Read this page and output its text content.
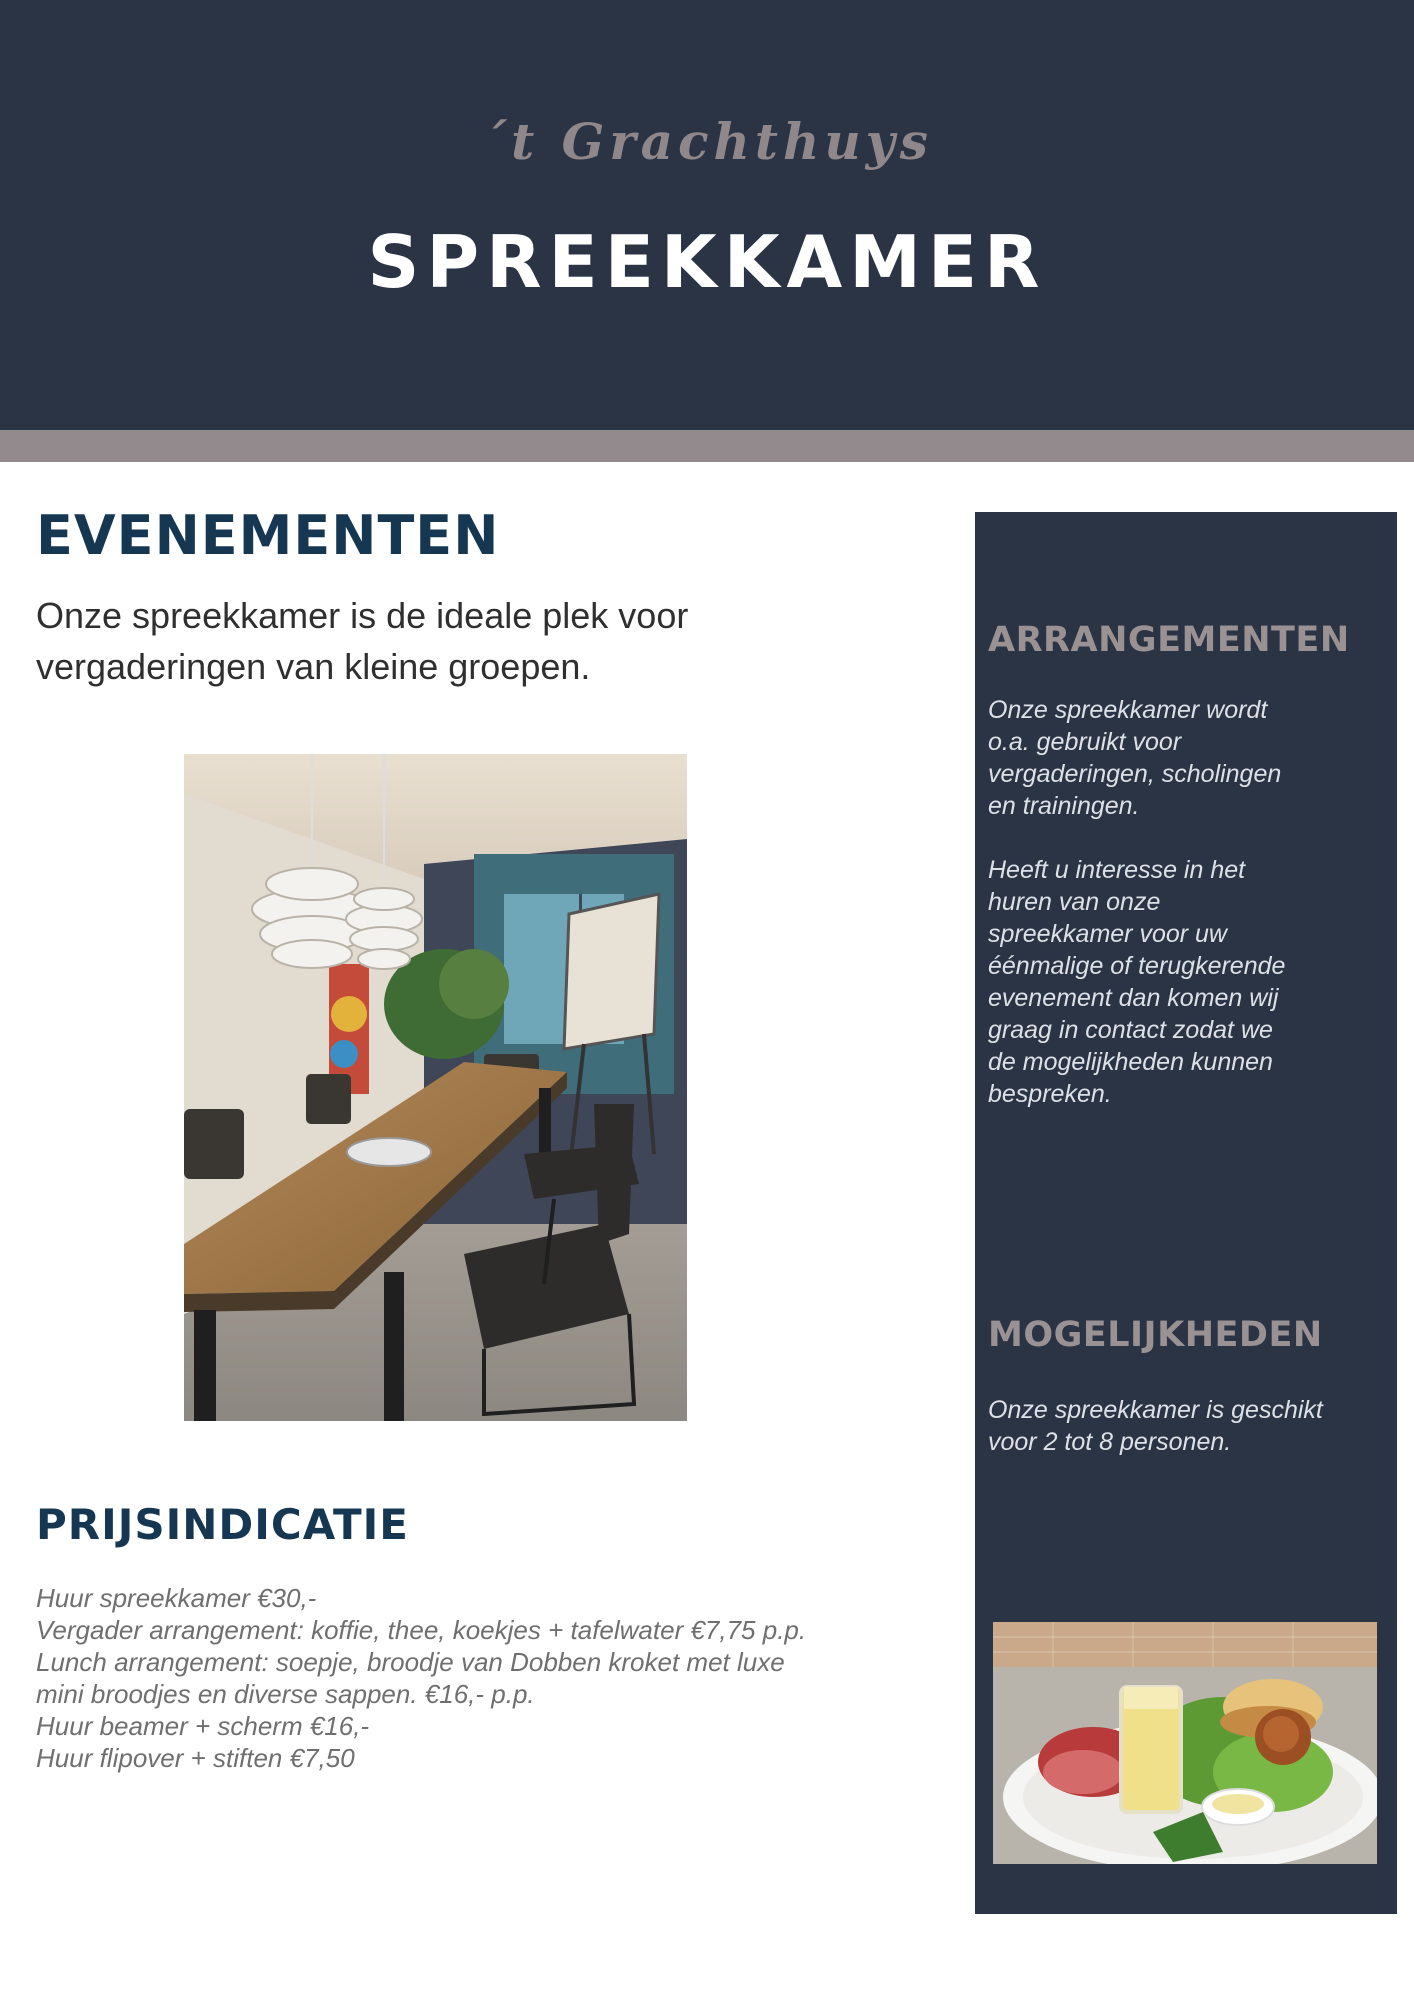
´t Grachthuys
SPREEKKAMER
EVENEMENTEN
Onze spreekkamer is de ideale plek voor
vergaderingen van kleine groepen.
PRIJSINDICATIE
Huur spreekkamer €30,-
Vergader arrangement: koffie, thee, koekjes + tafelwater €7,75 p.p.
Lunch arrangement: soepje, broodje van Dobben kroket met luxe
mini broodjes en diverse sappen. €16,- p.p.
Huur beamer + scherm €16,-
Huur flipover + stiften €7,50
ARRANGEMENTEN
Onze spreekkamer wordt
o.a. gebruikt voor
vergaderingen, scholingen
en trainingen.
Heeft u interesse in het
huren van onze
spreekkamer voor uw
éénmalige of terugkerende
evenement dan komen wij
graag in contact zodat we
de mogelijkheden kunnen
bespreken.
MOGELIJKHEDEN
Onze spreekkamer is geschikt
voor 2 tot 8 personen.
